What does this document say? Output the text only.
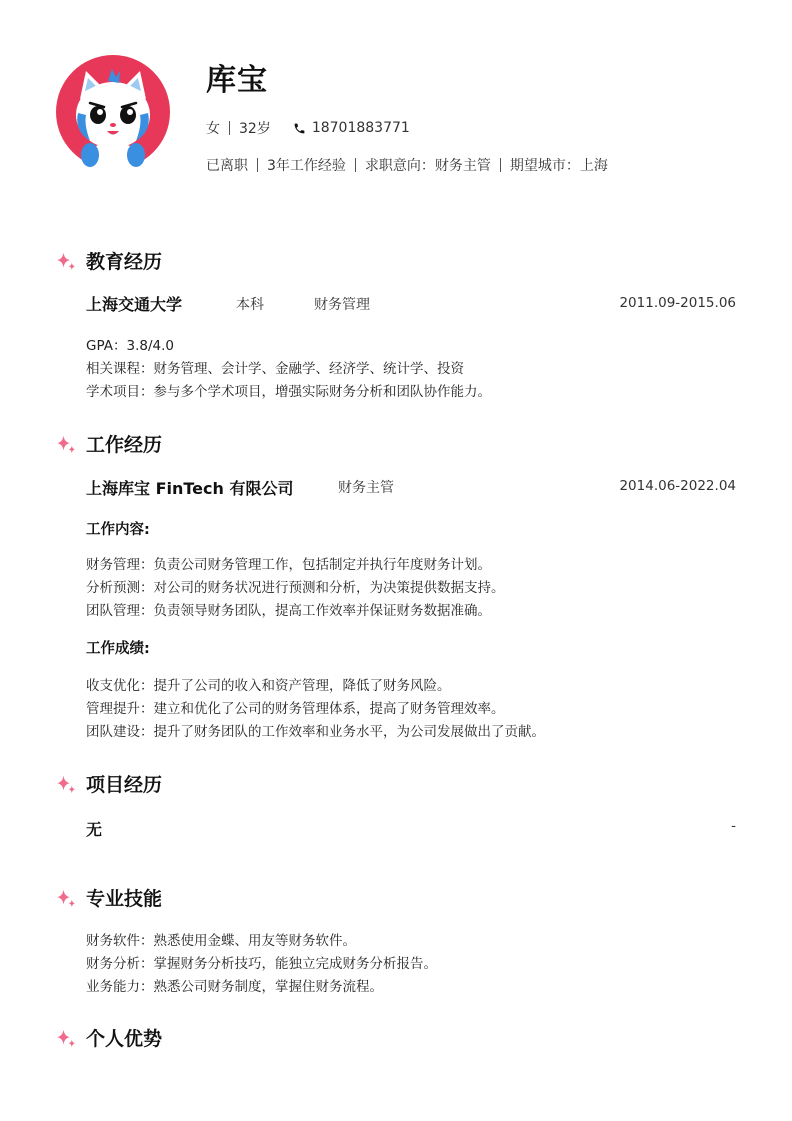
库宝
女 32岁	18701883771
已离职 3年工作经验 求职意向：财务主管 期望城市：上海
教育经历
上海交通大学	本科	财务管理	2011.09-2015.06
GPA：3.8/4.0
相关课程：财务管理、会计学、金融学、经济学、统计学、投资
学术项目：参与多个学术项目，增强实际财务分析和团队协作能力。
工作经历
上海库宝 FinTech 有限公司	财务主管	2014.06-2022.04
工作内容:
财务管理：负责公司财务管理工作，包括制定并执行年度财务计划。
分析预测：对公司的财务状况进行预测和分析，为决策提供数据支持。
团队管理：负责领导财务团队，提高工作效率并保证财务数据准确。
工作成绩:
收支优化：提升了公司的收入和资产管理，降低了财务风险。
管理提升：建立和优化了公司的财务管理体系，提高了财务管理效率。
团队建设：提升了财务团队的工作效率和业务水平，为公司发展做出了贡献。
项目经历
无	-
专业技能
财务软件：熟悉使用金蝶、用友等财务软件。
财务分析：掌握财务分析技巧，能独立完成财务分析报告。
业务能力：熟悉公司财务制度，掌握住财务流程。
个人优势
